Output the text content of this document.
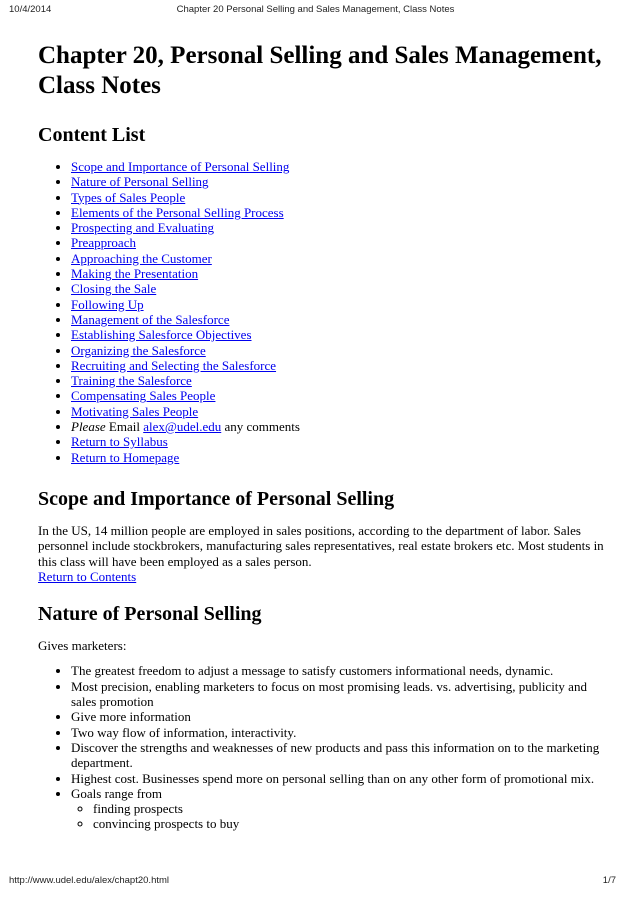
10/4/2014	Chapter 20 Personal Selling and Sales Management, Class Notes
Chapter 20, Personal Selling and Sales Management, Class Notes
Content List
• Scope and Importance of Personal Selling
• Nature of Personal Selling
• Types of Sales People
• Elements of the Personal Selling Process
• Prospecting and Evaluating
• Preapproach
• Approaching the Customer
• Making the Presentation
• Closing the Sale
• Following Up
• Management of the Salesforce
• Establishing Salesforce Objectives
• Organizing the Salesforce
• Recruiting and Selecting the Salesforce
• Training the Salesforce
• Compensating Sales People
• Motivating Sales People
• Please Email alex@udel.edu any comments
• Return to Syllabus
• Return to Homepage
Scope and Importance of Personal Selling

In the US, 14 million people are employed in sales positions, according to the department of labor. Sales personnel include stockbrokers, manufacturing sales representatives, real estate brokers etc. Most students in this class will have been employed as a sales person.

Return to Contents

Nature of Personal Selling

Gives marketers:

• The greatest freedom to adjust a message to satisfy customers informational needs, dynamic.
• Most precision, enabling marketers to focus on most promising leads. vs. advertising, publicity and sales promotion
• Give more information
• Two way flow of information, interactivity.
• Discover the strengths and weaknesses of new products and pass this information on to the marketing department.
• Highest cost. Businesses spend more on personal selling than on any other form of promotional mix.
• Goals range from
◦ finding prospects
◦ convincing prospects to buy
http://www.udel.edu/alex/chapt20.html	1/7
